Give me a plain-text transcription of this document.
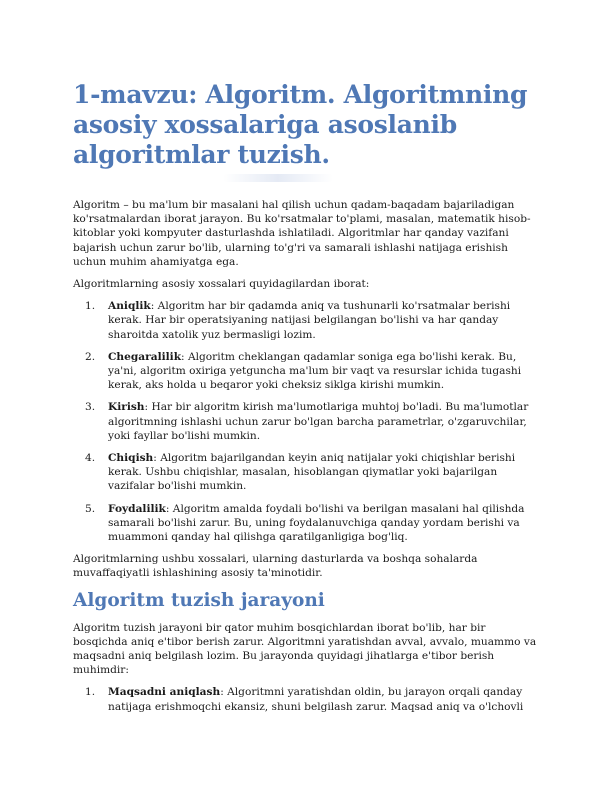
1-mavzu: Algoritm. Algoritmning asosiy xossalariga asoslanib algoritmlar tuzish.

Algoritm – bu ma'lum bir masalani hal qilish uchun qadam-baqadam bajariladigan ko'rsatmalardan iborat jarayon. Bu ko'rsatmalar to'plami, masalan, matematik hisob-kitoblar yoki kompyuter dasturlashda ishlatiladi. Algoritmlar har qanday vazifani bajarish uchun zarur bo'lib, ularning to'g'ri va samarali ishlashi natijaga erishish uchun muhim ahamiyatga ega.

Algoritmlarning asosiy xossalari quyidagilardan iborat:

1. Aniqlik: Algoritm har bir qadamda aniq va tushunarli ko'rsatmalar berishi kerak. Har bir operatsiyaning natijasi belgilangan bo'lishi va har qanday sharoitda xatolik yuz bermasligi lozim.
2. Chegaralilik: Algoritm cheklangan qadamlar soniga ega bo'lishi kerak. Bu, ya'ni, algoritm oxiriga yetguncha ma'lum bir vaqt va resurslar ichida tugashi kerak, aks holda u beqaror yoki cheksiz siklga kirishi mumkin.
3. Kirish: Har bir algoritm kirish ma'lumotlariga muhtoj bo'ladi. Bu ma'lumotlar algoritmning ishlashi uchun zarur bo'lgan barcha parametrlar, o'zgaruvchilar, yoki fayllar bo'lishi mumkin.
4. Chiqish: Algoritm bajarilgandan keyin aniq natijalar yoki chiqishlar berishi kerak. Ushbu chiqishlar, masalan, hisoblangan qiymatlar yoki bajarilgan vazifalar bo'lishi mumkin.
5. Foydalilik: Algoritm amalda foydali bo'lishi va berilgan masalani hal qilishda samarali bo'lishi zarur. Bu, uning foydalanuvchiga qanday yordam berishi va muammoni qanday hal qilishga qaratilganligiga bog'liq.

Algoritmlarning ushbu xossalari, ularning dasturlarda va boshqa sohalarda muvaffaqiyatli ishlashining asosiy ta'minotidir.

Algoritm tuzish jarayoni

Algoritm tuzish jarayoni bir qator muhim bosqichlardan iborat bo'lib, har bir bosqichda aniq e'tibor berish zarur. Algoritmni yaratishdan avval, avvalo, muammo va maqsadni aniq belgilash lozim. Bu jarayonda quyidagi jihatlarga e'tibor berish muhimdir:

1. Maqsadni aniqlash: Algoritmni yaratishdan oldin, bu jarayon orqali qanday natijaga erishmoqchi ekansiz, shuni belgilash zarur. Maqsad aniq va o'lchovli
